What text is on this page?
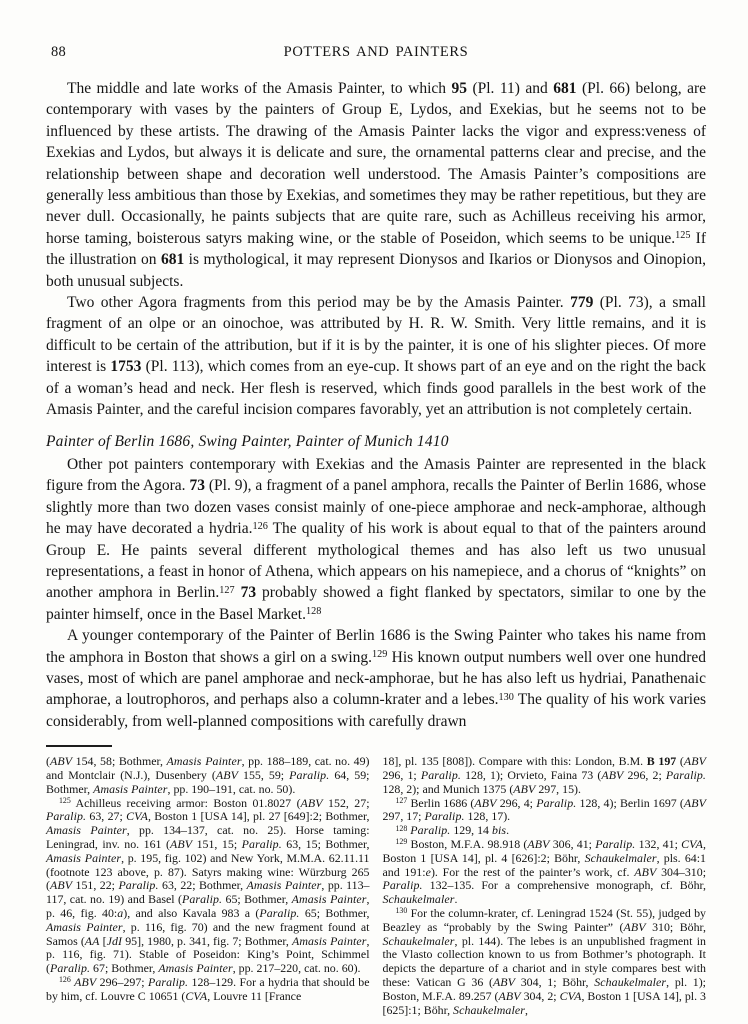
88	POTTERS AND PAINTERS

The middle and late works of the Amasis Painter, to which 95 (Pl. 11) and 681 (Pl. 66) belong, are contemporary with vases by the painters of Group E, Lydos, and Exekias, but he seems not to be influenced by these artists. The drawing of the Amasis Painter lacks the vigor and express:veness of Exekias and Lydos, but always it is delicate and sure, the ornamental patterns clear and precise, and the relationship between shape and decoration well understood. The Amasis Painter’s compositions are generally less ambitious than those by Exekias, and sometimes they may be rather repetitious, but they are never dull. Occasionally, he paints subjects that are quite rare, such as Achilleus receiving his armor, horse taming, boisterous satyrs making wine, or the stable of Poseidon, which seems to be unique.$^{125}$ If the illustration on 681 is mythological, it may represent Dionysos and Ikarios or Dionysos and Oinopion, both unusual subjects.

Two other Agora fragments from this period may be by the Amasis Painter. 779 (Pl. 73), a small fragment of an olpe or an oinochoe, was attributed by H. R. W. Smith. Very little remains, and it is difficult to be certain of the attribution, but if it is by the painter, it is one of his slighter pieces. Of more interest is 1753 (Pl. 113), which comes from an eye-cup. It shows part of an eye and on the right the back of a woman’s head and neck. Her flesh is reserved, which finds good parallels in the best work of the Amasis Painter, and the careful incision compares favorably, yet an attribution is not completely certain.

Painter of Berlin 1686, Swing Painter, Painter of Munich 1410

Other pot painters contemporary with Exekias and the Amasis Painter are represented in the black figure from the Agora. 73 (Pl. 9), a fragment of a panel amphora, recalls the Painter of Berlin 1686, whose slightly more than two dozen vases consist mainly of one-piece amphorae and neck-amphorae, although he may have decorated a hydria.$^{126}$ The quality of his work is about equal to that of the painters around Group E. He paints several different mythological themes and has also left us two unusual representations, a feast in honor of Athena, which appears on his namepiece, and a chorus of “knights” on another amphora in Berlin.$^{127}$ 73 probably showed a fight flanked by spectators, similar to one by the painter himself, once in the Basel Market.$^{128}$

A younger contemporary of the Painter of Berlin 1686 is the Swing Painter who takes his name from the amphora in Boston that shows a girl on a swing.$^{129}$ His known output numbers well over one hundred vases, most of which are panel amphorae and neck-amphorae, but he has also left us hydriai, Panathenaic amphorae, a loutrophoros, and perhaps also a column-krater and a lebes.$^{130}$ The quality of his work varies considerably, from well-planned compositions with carefully drawn

(ABV 154, 58; Bothmer, Amasis Painter, pp. 188–189, cat. no. 49) and Montclair (N.J.), Dusenbery (ABV 155, 59; Paralip. 64, 59; Bothmer, Amasis Painter, pp. 190–191, cat. no. 50).

$^{125}$ Achilleus receiving armor: Boston 01.8027 (ABV 152, 27; Paralip. 63, 27; CVA, Boston 1 [USA 14], pl. 27 [649]:2; Bothmer, Amasis Painter, pp. 134–137, cat. no. 25). Horse taming: Leningrad, inv. no. 161 (ABV 151, 15; Paralip. 63, 15; Bothmer, Amasis Painter, p. 195, fig. 102) and New York, M.M.A. 62.11.11 (footnote 123 above, p. 87). Satyrs making wine: Würzburg 265 (ABV 151, 22; Paralip. 63, 22; Bothmer, Amasis Painter, pp. 113–117, cat. no. 19) and Basel (Paralip. 65; Bothmer, Amasis Painter, p. 46, fig. 40:a), and also Kavala 983 a (Paralip. 65; Bothmer, Amasis Painter, p. 116, fig. 70) and the new fragment found at Samos (AA [JdI 95], 1980, p. 341, fig. 7; Bothmer, Amasis Painter, p. 116, fig. 71). Stable of Poseidon: King’s Point, Schimmel (Paralip. 67; Bothmer, Amasis Painter, pp. 217–220, cat. no. 60).

$^{126}$ ABV 296–297; Paralip. 128–129. For a hydria that should be by him, cf. Louvre C 10651 (CVA, Louvre 11 [France

18], pl. 135 [808]). Compare with this: London, B.M. B 197 (ABV 296, 1; Paralip. 128, 1); Orvieto, Faina 73 (ABV 296, 2; Paralip. 128, 2); and Munich 1375 (ABV 297, 15).

$^{127}$ Berlin 1686 (ABV 296, 4; Paralip. 128, 4); Berlin 1697 (ABV 297, 17; Paralip. 128, 17).

$^{128}$ Paralip. 129, 14 bis.

$^{129}$ Boston, M.F.A. 98.918 (ABV 306, 41; Paralip. 132, 41; CVA, Boston 1 [USA 14], pl. 4 [626]:2; Böhr, Schaukelmaler, pls. 64:1 and 191:e). For the rest of the painter’s work, cf. ABV 304–310; Paralip. 132–135. For a comprehensive monograph, cf. Böhr, Schaukelmaler.

$^{130}$ For the column-krater, cf. Leningrad 1524 (St. 55), judged by Beazley as “probably by the Swing Painter” (ABV 310; Böhr, Schaukelmaler, pl. 144). The lebes is an unpublished fragment in the Vlasto collection known to us from Bothmer’s photograph. It depicts the departure of a chariot and in style compares best with these: Vatican G 36 (ABV 304, 1; Böhr, Schaukelmaler, pl. 1); Boston, M.F.A. 89.257 (ABV 304, 2; CVA, Boston 1 [USA 14], pl. 3 [625]:1; Böhr, Schaukelmaler,
